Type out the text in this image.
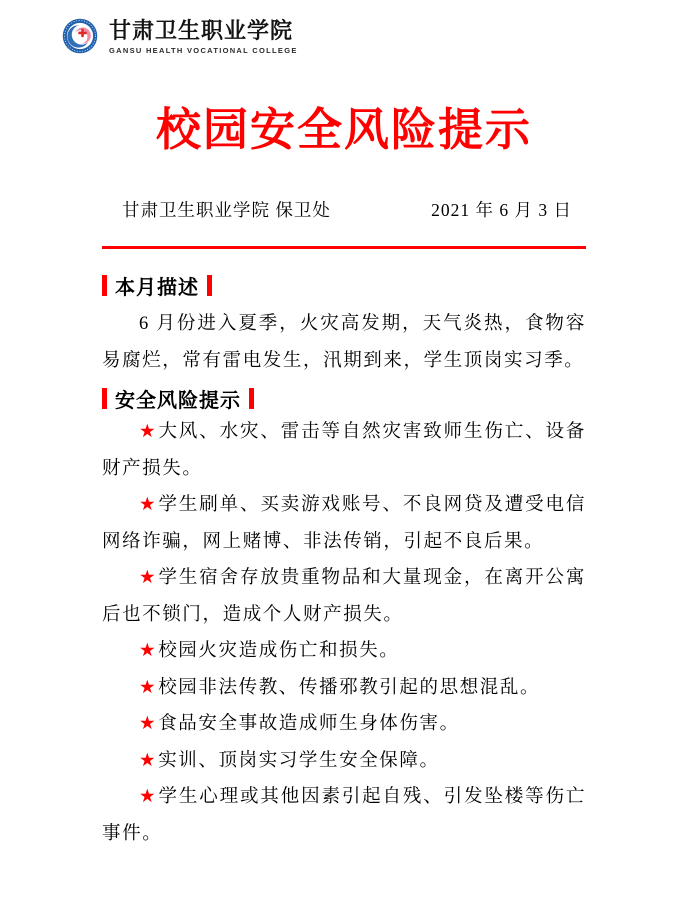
甘肃卫生职业学院
GANSU HEALTH VOCATIONAL COLLEGE
校园安全风险提示
甘肃卫生职业学院 保卫处	2021 年 6 月 3 日
本月描述

6 月份进入夏季，火灾高发期，天气炎热，食物容易腐烂，常有雷电发生，汛期到来，学生顶岗实习季。

安全风险提示

★大风、水灾、雷击等自然灾害致师生伤亡、设备财产损失。

★学生刷单、买卖游戏账号、不良网贷及遭受电信网络诈骗，网上赌博、非法传销，引起不良后果。

★学生宿舍存放贵重物品和大量现金，在离开公寓后也不锁门，造成个人财产损失。

★校园火灾造成伤亡和损失。

★校园非法传教、传播邪教引起的思想混乱。

★食品安全事故造成师生身体伤害。

★实训、顶岗实习学生安全保障。

★学生心理或其他因素引起自残、引发坠楼等伤亡事件。
